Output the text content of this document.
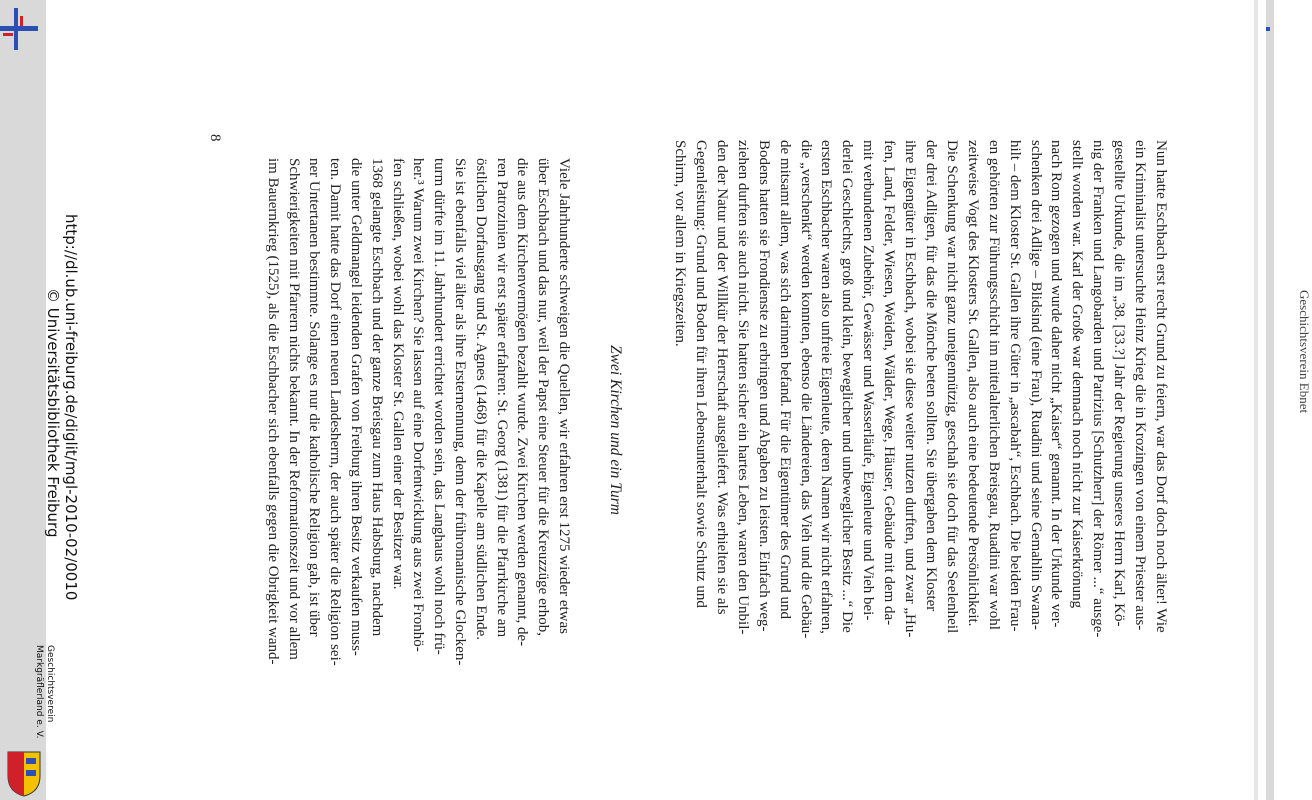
Geschichtsverein Ebnet
Nun hatte Eschbach erst recht Grund zu feiern, war das Dorf doch noch älter! Wie
ein Kriminalist untersuchte Heinz Krieg die in Krozingen von einem Priester aus-
gestellte Urkunde, die im „38. [33.?] Jahr der Regierung unseres Herrn Karl, Kö-
nig der Franken und Langobarden und Patrizius [Schutzherr] der Römer ...“ ausge-
stellt worden war. Karl der Große war demnach noch nicht zur Kaiserkrönung
nach Rom gezogen und wurde daher nicht „Kaiser“ genannt. In der Urkunde ver-
schenken drei Adlige – Blidsind (eine Frau), Ruadini und seine Gemahlin Swana-
hilt – dem Kloster St. Gallen ihre Güter in „ascabah“, Eschbach. Die beiden Frau-
en gehörten zur Führungsschicht im mittelalterlichen Breisgau, Ruadini war wohl
zeitweise Vogt des Klosters St. Gallen, also auch eine bedeutende Persönlichkeit.
Die Schenkung war nicht ganz uneigennützig, geschah sie doch für das Seelenheil
der drei Adligen, für das die Mönche beten sollten. Sie übergaben dem Kloster
ihre Eigengüter in Eschbach, wobei sie diese weiter nutzen durften, und zwar „Hu-
fen, Land, Felder, Wiesen, Weiden, Wälder, Wege, Häuser, Gebäude mit dem da-
mit verbundenen Zubehör, Gewässer und Wasserläufe, Eigenleute und Vieh bei-
derlei Geschlechts, groß und klein, beweglicher und unbeweglicher Besitz ...“ Die
ersten Eschbacher waren also unfreie Eigenleute, deren Namen wir nicht erfahren,
die „verschenkt“ werden konnten, ebenso die Ländereien, das Vieh und die Gebäu-
de mitsamt allem, was sich darinnen befand. Für die Eigentümer des Grund und
Bodens hatten sie Frondienste zu erbringen und Abgaben zu leisten. Einfach weg-
ziehen durften sie auch nicht. Sie hatten sicher ein hartes Leben, waren den Unbil-
den der Natur und der Willkür der Herrschaft ausgeliefert. Was erhielten sie als
Gegenleistung: Grund und Boden für ihren Lebensunterhalt sowie Schutz und
Schirm, vor allem in Kriegszeiten.
Zwei Kirchen und ein Turm
Viele Jahrhunderte schweigen die Quellen, wir erfahren erst 1275 wieder etwas
über Eschbach und das nur, weil der Papst eine Steuer für die Kreuzzüge erhob,
die aus dem Kirchenvermögen bezahlt wurde. Zwei Kirchen werden genannt, de-
ren Patrozinien wir erst später erfahren: St. Georg (1381) für die Pfarrkirche am
östlichen Dorfausgang und St. Agnes (1468) für die Kapelle am südlichen Ende.
Sie ist ebenfalls viel älter als ihre Ersternennung, denn der frühromanische Glocken-
turm dürfte im 11. Jahrhundert errichtet worden sein, das Langhaus wohl noch frü-
her.³ Warum zwei Kirchen? Sie lassen auf eine Dorfentwicklung aus zwei Fronhö-
fen schließen, wobei wohl das Kloster St. Gallen einer der Besitzer war.
1368 gelangte Eschbach und der ganze Breisgau zum Haus Habsburg, nachdem
die unter Geldmangel leidenden Grafen von Freiburg ihren Besitz verkaufen muss-
ten. Damit hatte das Dorf einen neuen Landesherrn, der auch später die Religion sei-
ner Untertanen bestimmte. Solange es nur die katholische Religion gab, ist über
Schwierigkeiten mit Pfarrern nichts bekannt. In der Reformationszeit und vor allem
im Bauernkrieg (1525), als die Eschbacher sich ebenfalls gegen die Obrigkeit wand-
8
http://dl.ub.uni-freiburg.de/diglit/mgl-2010-02/0010
© Universitätsbibliothek Freiburg
Geschichtsverein
Markgräflerland e. V.
